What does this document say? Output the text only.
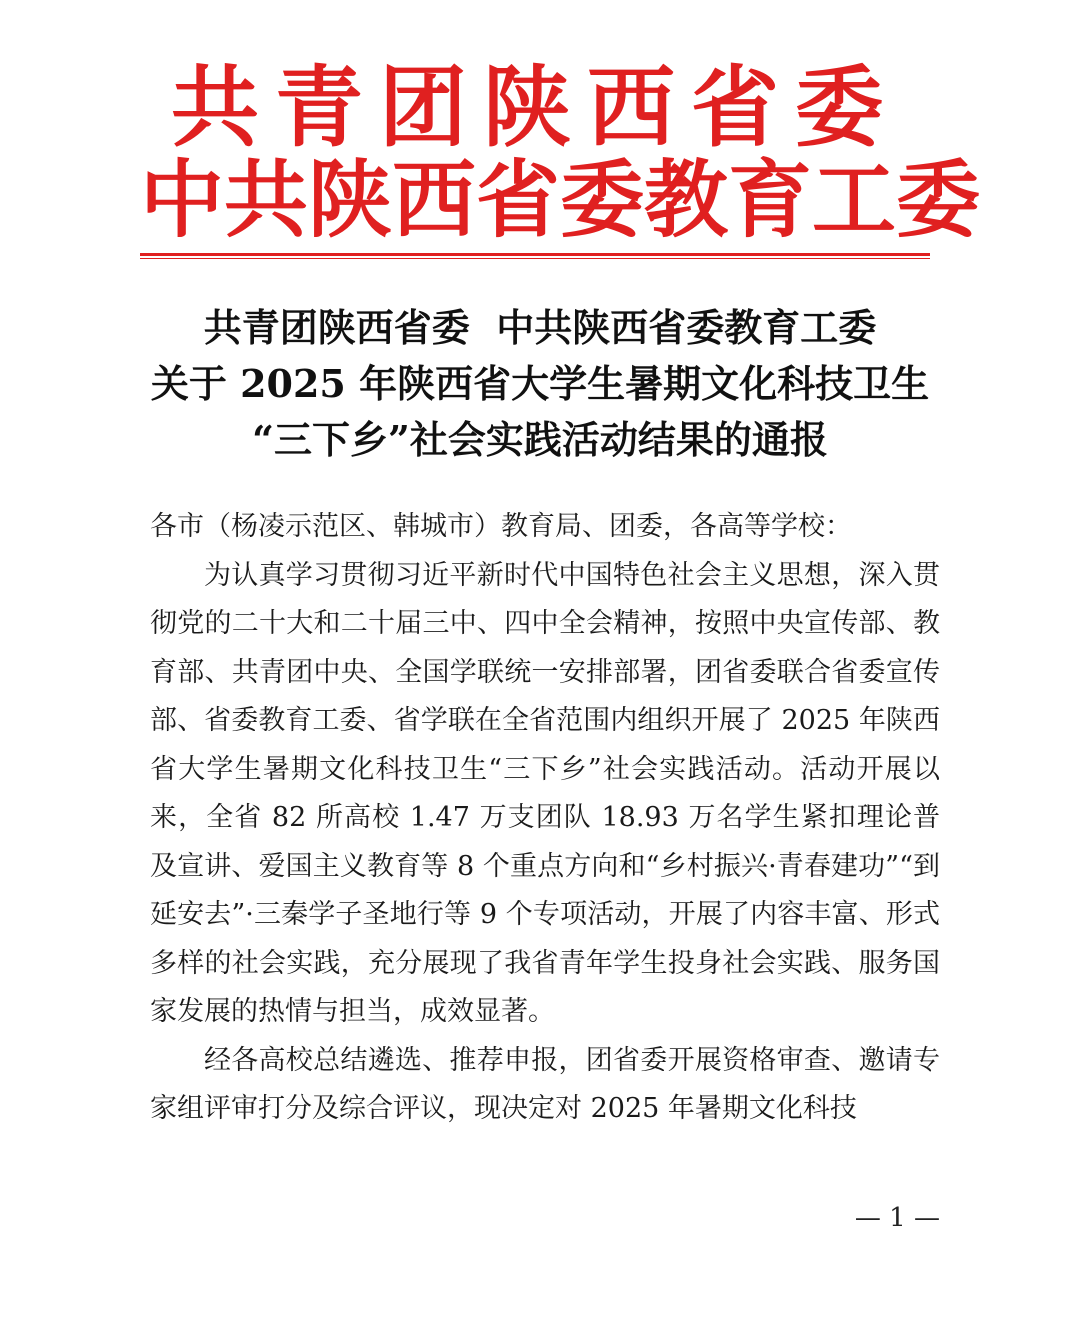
共青团陕西省委
中共陕西省委教育工委
共青团陕西省委  中共陕西省委教育工委
关于 2025 年陕西省大学生暑期文化科技卫生
“三下乡”社会实践活动结果的通报

各市（杨凌示范区、韩城市）教育局、团委，各高等学校：

为认真学习贯彻习近平新时代中国特色社会主义思想，深入贯彻党的二十大和二十届三中、四中全会精神，按照中央宣传部、教育部、共青团中央、全国学联统一安排部署，团省委联合省委宣传部、省委教育工委、省学联在全省范围内组织开展了 2025 年陕西省大学生暑期文化科技卫生“三下乡”社会实践活动。活动开展以来，全省 82 所高校 1.47 万支团队 18.93 万名学生紧扣理论普及宣讲、爱国主义教育等 8 个重点方向和“乡村振兴·青春建功”“到延安去”·三秦学子圣地行等 9 个专项活动，开展了内容丰富、形式多样的社会实践，充分展现了我省青年学生投身社会实践、服务国家发展的热情与担当，成效显著。

经各高校总结遴选、推荐申报，团省委开展资格审查、邀请专家组评审打分及综合评议，现决定对 2025 年暑期文化科技

— 1 —
